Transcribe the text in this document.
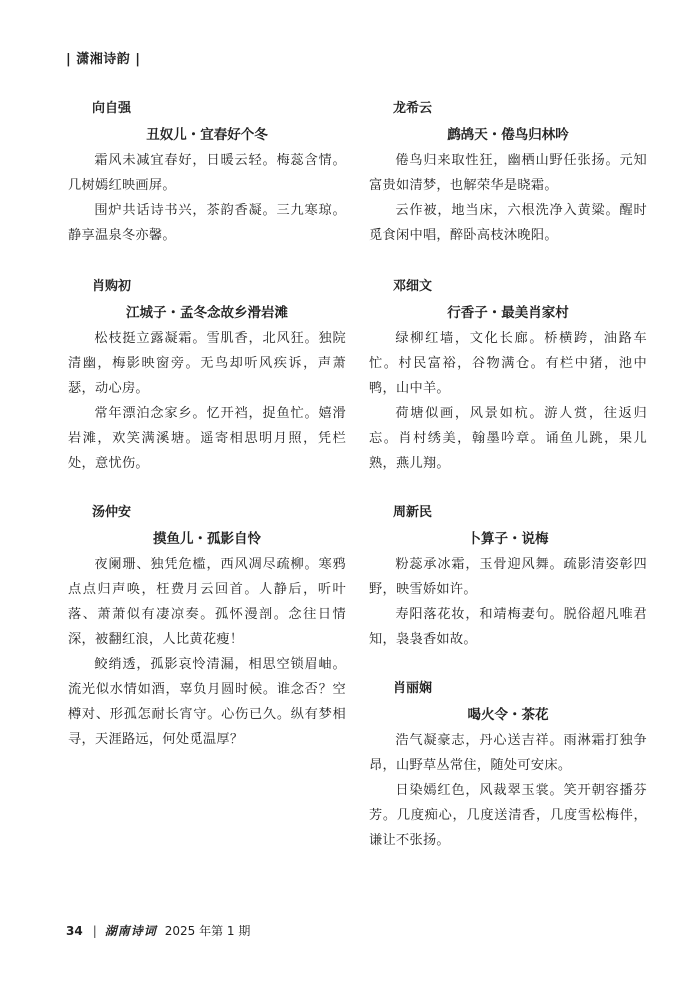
| 潇湘诗韵 |
向自强
丑奴儿・宜春好个冬

霜风未减宜春好，日暖云轻。梅蕊含情。几树嫣红映画屏。

围炉共话诗书兴，茶韵香凝。三九寒琼。静享温泉冬亦馨。

肖购初
江城子・孟冬念故乡滑岩滩

松枝挺立露凝霜。雪肌香，北风狂。独院清幽，梅影映窗旁。无鸟却听风疾诉，声萧瑟，动心房。

常年漂泊念家乡。忆开裆，捉鱼忙。嬉滑岩滩，欢笑满溪塘。遥寄相思明月照，凭栏处，意忧伤。

汤仲安
摸鱼儿・孤影自怜

夜阑珊、独凭危槛，西风凋尽疏柳。寒鸦点点归声唤，枉费月云回首。人静后，听叶落、萧萧似有凄凉奏。孤怀漫剖。念往日情深，被翻红浪，人比黄花瘦！

鲛绡透，孤影哀怜清漏，相思空锁眉岫。流光似水情如酒，辜负月圆时候。谁念否？空樽对、形孤怎耐长宵守。心伤已久。纵有梦相寻，天涯路远，何处觅温厚？

龙希云
鹧鸪天・倦鸟归林吟

倦鸟归来取性狂，幽栖山野任张扬。元知富贵如清梦，也解荣华是晓霜。

云作被，地当床，六根洗净入黄粱。醒时觅食闲中唱，醉卧高枝沐晚阳。

邓细文
行香子・最美肖家村

绿柳红墙，文化长廊。桥横跨，油路车忙。村民富裕，谷物满仓。有栏中猪，池中鸭，山中羊。

荷塘似画，风景如杭。游人赏，往返归忘。肖村绣美，翰墨吟章。诵鱼儿跳，果儿熟，燕儿翔。

周新民
卜算子・说梅

粉蕊承冰霜，玉骨迎风舞。疏影清姿彰四野，映雪娇如许。

寿阳落花妆，和靖梅妻句。脱俗超凡唯君知，袅袅香如故。

肖丽娴
喝火令・茶花

浩气凝豪志，丹心送吉祥。雨淋霜打独争昂，山野草丛常住，随处可安床。

日染嫣红色，风裁翠玉裳。笑开朝容播芬芳。几度痴心，几度送清香，几度雪松梅伴，谦让不张扬。

34 | 湖南诗词 2025 年第 1 期
